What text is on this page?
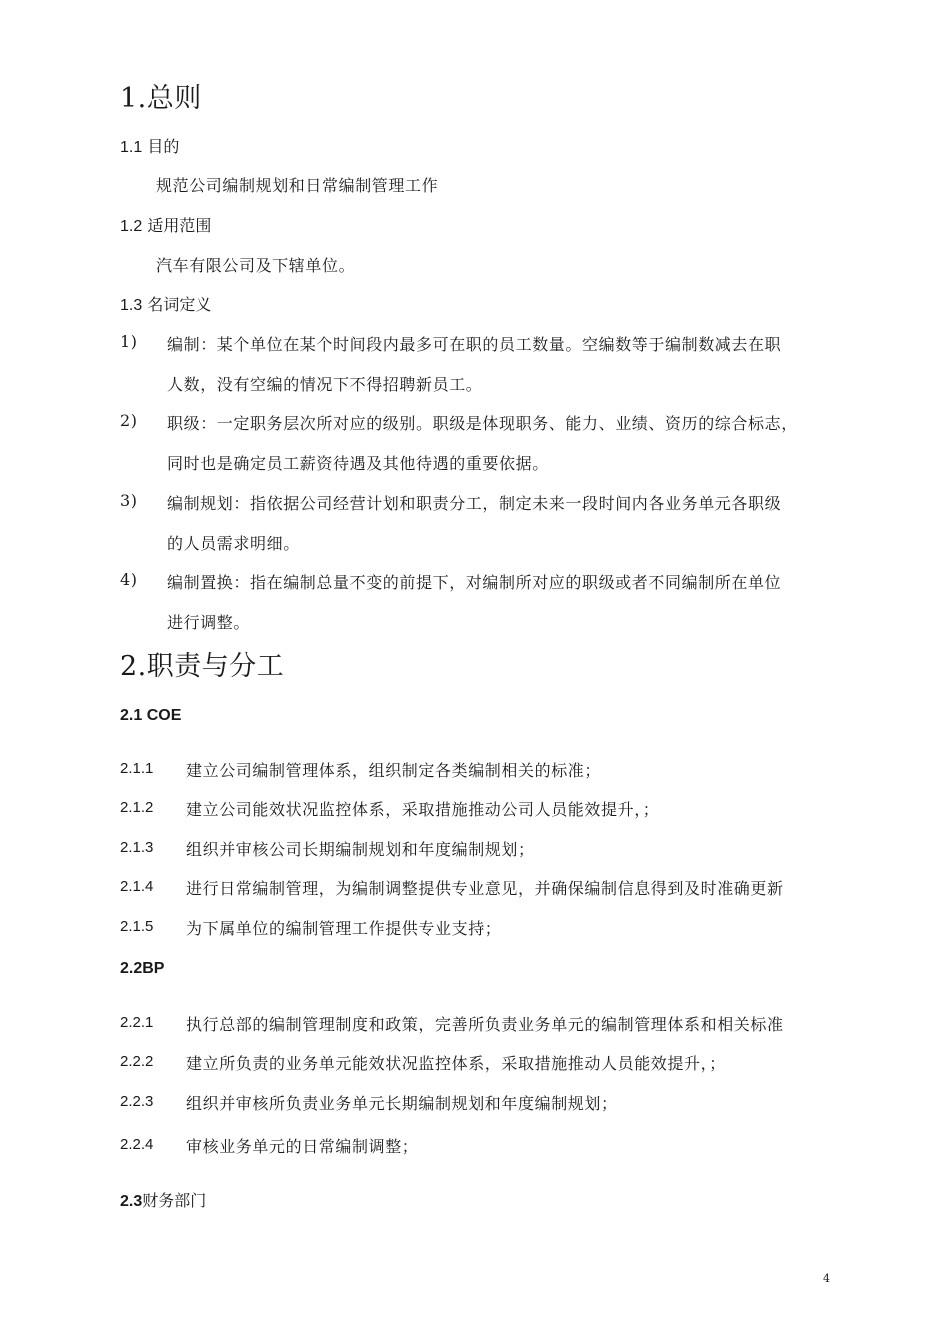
1.总则
1.1 目的
规范公司编制规划和日常编制管理工作
1.2 适用范围
汽车有限公司及下辖单位。
1.3 名词定义
1) 编制：某个单位在某个时间段内最多可在职的员工数量。空编数等于编制数减去在职
人数，没有空编的情况下不得招聘新员工。
2) 职级：一定职务层次所对应的级别。职级是体现职务、能力、业绩、资历的综合标志，
同时也是确定员工薪资待遇及其他待遇的重要依据。
3) 编制规划：指依据公司经营计划和职责分工，制定未来一段时间内各业务单元各职级
的人员需求明细。
4) 编制置换：指在编制总量不变的前提下，对编制所对应的职级或者不同编制所在单位
进行调整。
2.职责与分工
2.1 COE
2.1.1 建立公司编制管理体系，组织制定各类编制相关的标准；
2.1.2 建立公司能效状况监控体系，采取措施推动公司人员能效提升，；
2.1.3 组织并审核公司长期编制规划和年度编制规划；
2.1.4 进行日常编制管理，为编制调整提供专业意见，并确保编制信息得到及时准确更新
2.1.5 为下属单位的编制管理工作提供专业支持；
2.2BP
2.2.1 执行总部的编制管理制度和政策，完善所负责业务单元的编制管理体系和相关标准
2.2.2 建立所负责的业务单元能效状况监控体系，采取措施推动人员能效提升，；
2.2.3 组织并审核所负责业务单元长期编制规划和年度编制规划；
2.2.4 审核业务单元的日常编制调整；
2.3财务部门
4
